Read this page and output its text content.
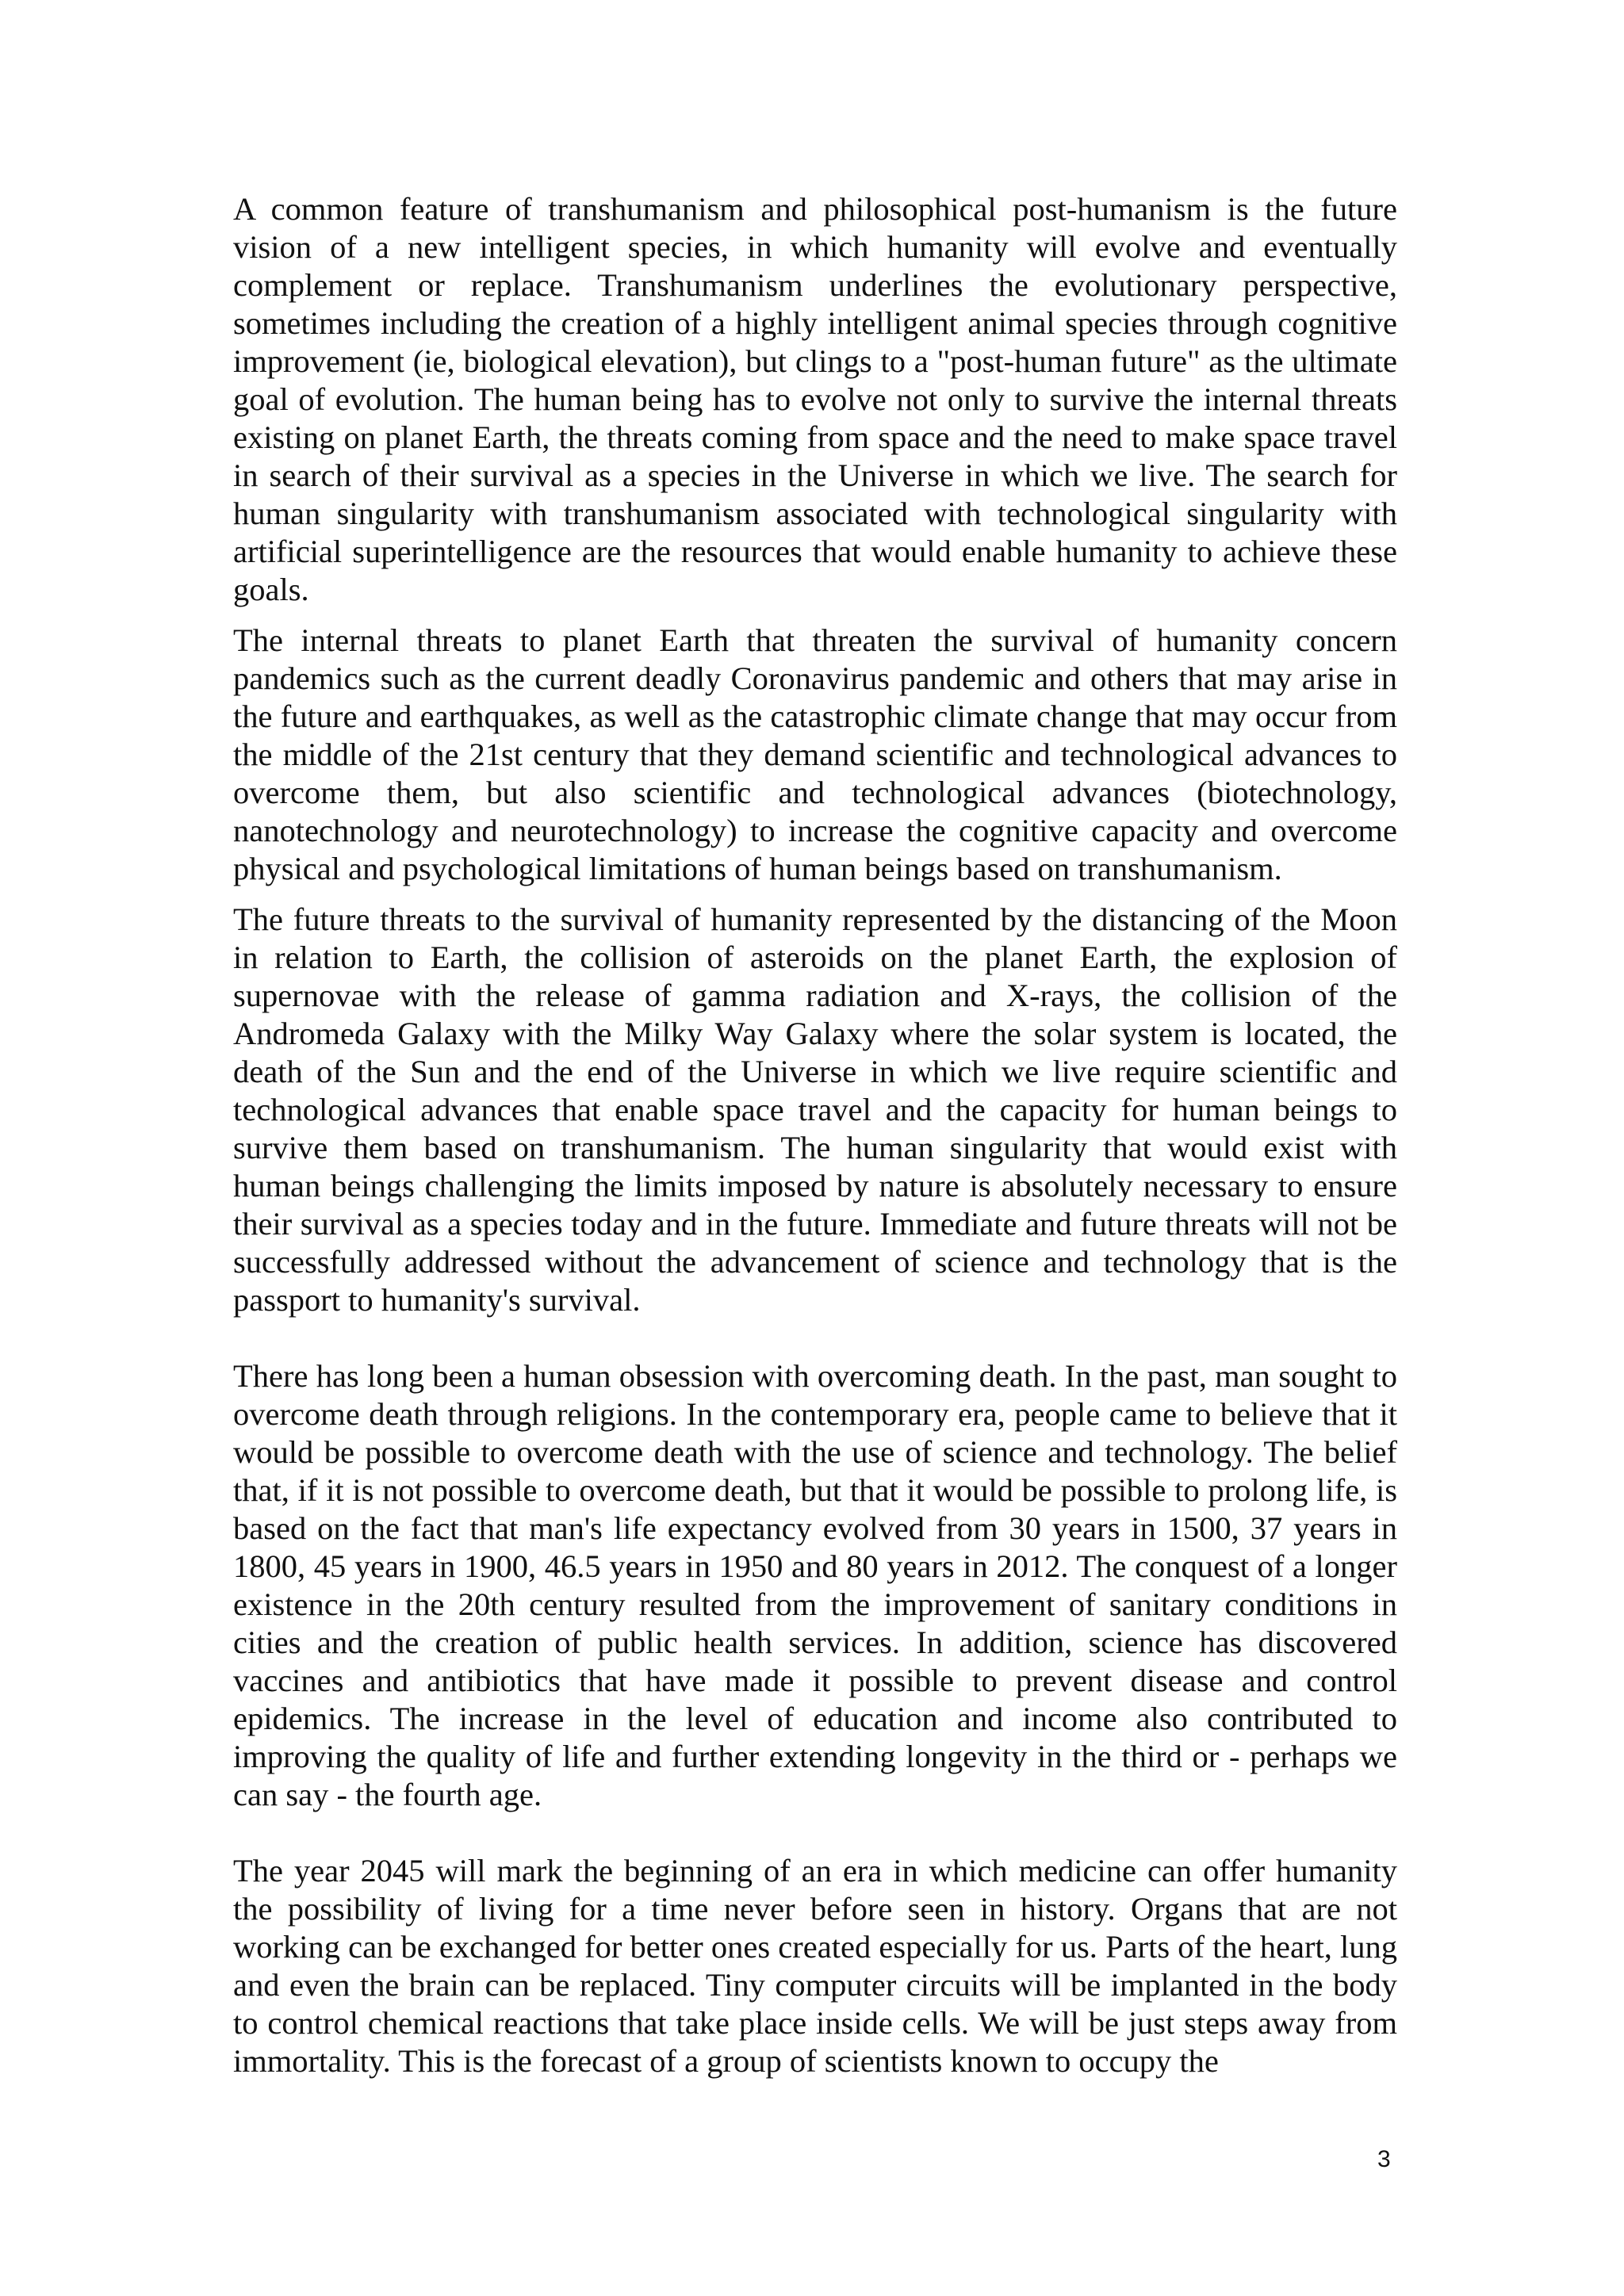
A common feature of transhumanism and philosophical post-humanism is the future vision of a new intelligent species, in which humanity will evolve and eventually complement or replace. Transhumanism underlines the evolutionary perspective, sometimes including the creation of a highly intelligent animal species through cognitive improvement (ie, biological elevation), but clings to a "post-human future" as the ultimate goal of evolution. The human being has to evolve not only to survive the internal threats existing on planet Earth, the threats coming from space and the need to make space travel in search of their survival as a species in the Universe in which we live. The search for human singularity with transhumanism associated with technological singularity with artificial superintelligence are the resources that would enable humanity to achieve these goals.

The internal threats to planet Earth that threaten the survival of humanity concern pandemics such as the current deadly Coronavirus pandemic and others that may arise in the future and earthquakes, as well as the catastrophic climate change that may occur from the middle of the 21st century that they demand scientific and technological advances to overcome them, but also scientific and technological advances (biotechnology, nanotechnology and neurotechnology) to increase the cognitive capacity and overcome physical and psychological limitations of human beings based on transhumanism.

The future threats to the survival of humanity represented by the distancing of the Moon in relation to Earth, the collision of asteroids on the planet Earth, the explosion of supernovae with the release of gamma radiation and X-rays, the collision of the Andromeda Galaxy with the Milky Way Galaxy where the solar system is located, the death of the Sun and the end of the Universe in which we live require scientific and technological advances that enable space travel and the capacity for human beings to survive them based on transhumanism. The human singularity that would exist with human beings challenging the limits imposed by nature is absolutely necessary to ensure their survival as a species today and in the future. Immediate and future threats will not be successfully addressed without the advancement of science and technology that is the passport to humanity's survival.

There has long been a human obsession with overcoming death. In the past, man sought to overcome death through religions. In the contemporary era, people came to believe that it would be possible to overcome death with the use of science and technology. The belief that, if it is not possible to overcome death, but that it would be possible to prolong life, is based on the fact that man's life expectancy evolved from 30 years in 1500, 37 years in 1800, 45 years in 1900, 46.5 years in 1950 and 80 years in 2012. The conquest of a longer existence in the 20th century resulted from the improvement of sanitary conditions in cities and the creation of public health services. In addition, science has discovered vaccines and antibiotics that have made it possible to prevent disease and control epidemics. The increase in the level of education and income also contributed to improving the quality of life and further extending longevity in the third or - perhaps we can say - the fourth age.

The year 2045 will mark the beginning of an era in which medicine can offer humanity the possibility of living for a time never before seen in history. Organs that are not working can be exchanged for better ones created especially for us. Parts of the heart, lung and even the brain can be replaced. Tiny computer circuits will be implanted in the body to control chemical reactions that take place inside cells. We will be just steps away from immortality. This is the forecast of a group of scientists known to occupy the

3
